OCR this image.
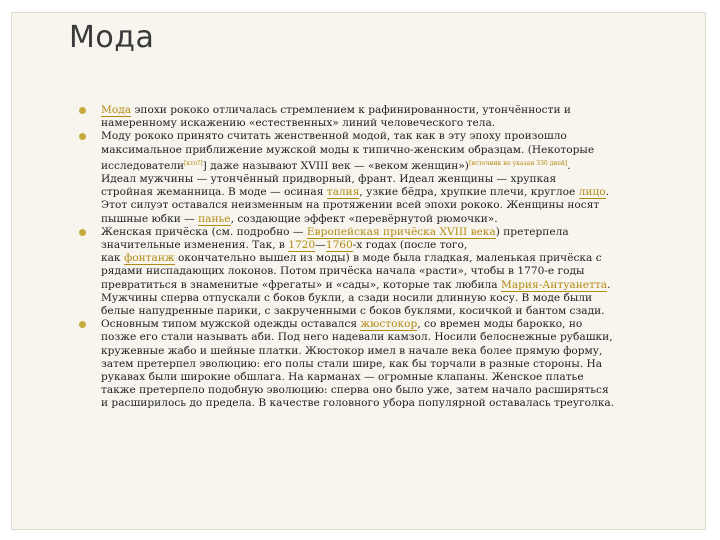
Мода
Мода эпохи рококо отличалась стремлением к рафинированности, утончённости и
намеренному искажению «естественных» линий человеческого тела.
Моду рококо принято считать женственной модой, так как в эту эпоху произошло
максимальное приближение мужской моды к типично-женским образцам. (Некоторые
исследователи[кто?]] даже называют XVIII век — «веком женщин»)[источник не указан 330 дней].
Идеал мужчины — утончённый придворный, франт. Идеал женщины — хрупкая
стройная жеманница. В моде — осиная талия, узкие бёдра, хрупкие плечи, круглое лицо.
Этот силуэт оставался неизменным на протяжении всей эпохи рококо. Женщины носят
пышные юбки — панье, создающие эффект «перевёрнутой рюмочки».
Женская причёска (см. подробно — Европейская причёска XVIII века) претерпела
значительные изменения. Так, в 1720—1760-х годах (после того,
как фонтанж окончательно вышел из моды) в моде была гладкая, маленькая причёска с
рядами ниспадающих локонов. Потом причёска начала «расти», чтобы в 1770-е годы
превратиться в знаменитые «фрегаты» и «сады», которые так любила Мария-Антуанетта.
Мужчины сперва отпускали с боков букли, а сзади носили длинную косу. В моде были
белые напудренные парики, с закрученными с боков буклями, косичкой и бантом сзади.
Основным типом мужской одежды оставался жюстокор, со времен моды барокко, но
позже его стали называть аби. Под него надевали камзол. Носили белоснежные рубашки,
кружевные жабо и шейные платки. Жюстокор имел в начале века более прямую форму,
затем претерпел эволюцию: его полы стали шире, как бы торчали в разные стороны. На
рукавах были широкие обшлага. На карманах — огромные клапаны. Женское платье
также претерпело подобную эволюцию: сперва оно было уже, затем начало расширяться
и расширилось до предела. В качестве головного убора популярной оставалась треуголка.
